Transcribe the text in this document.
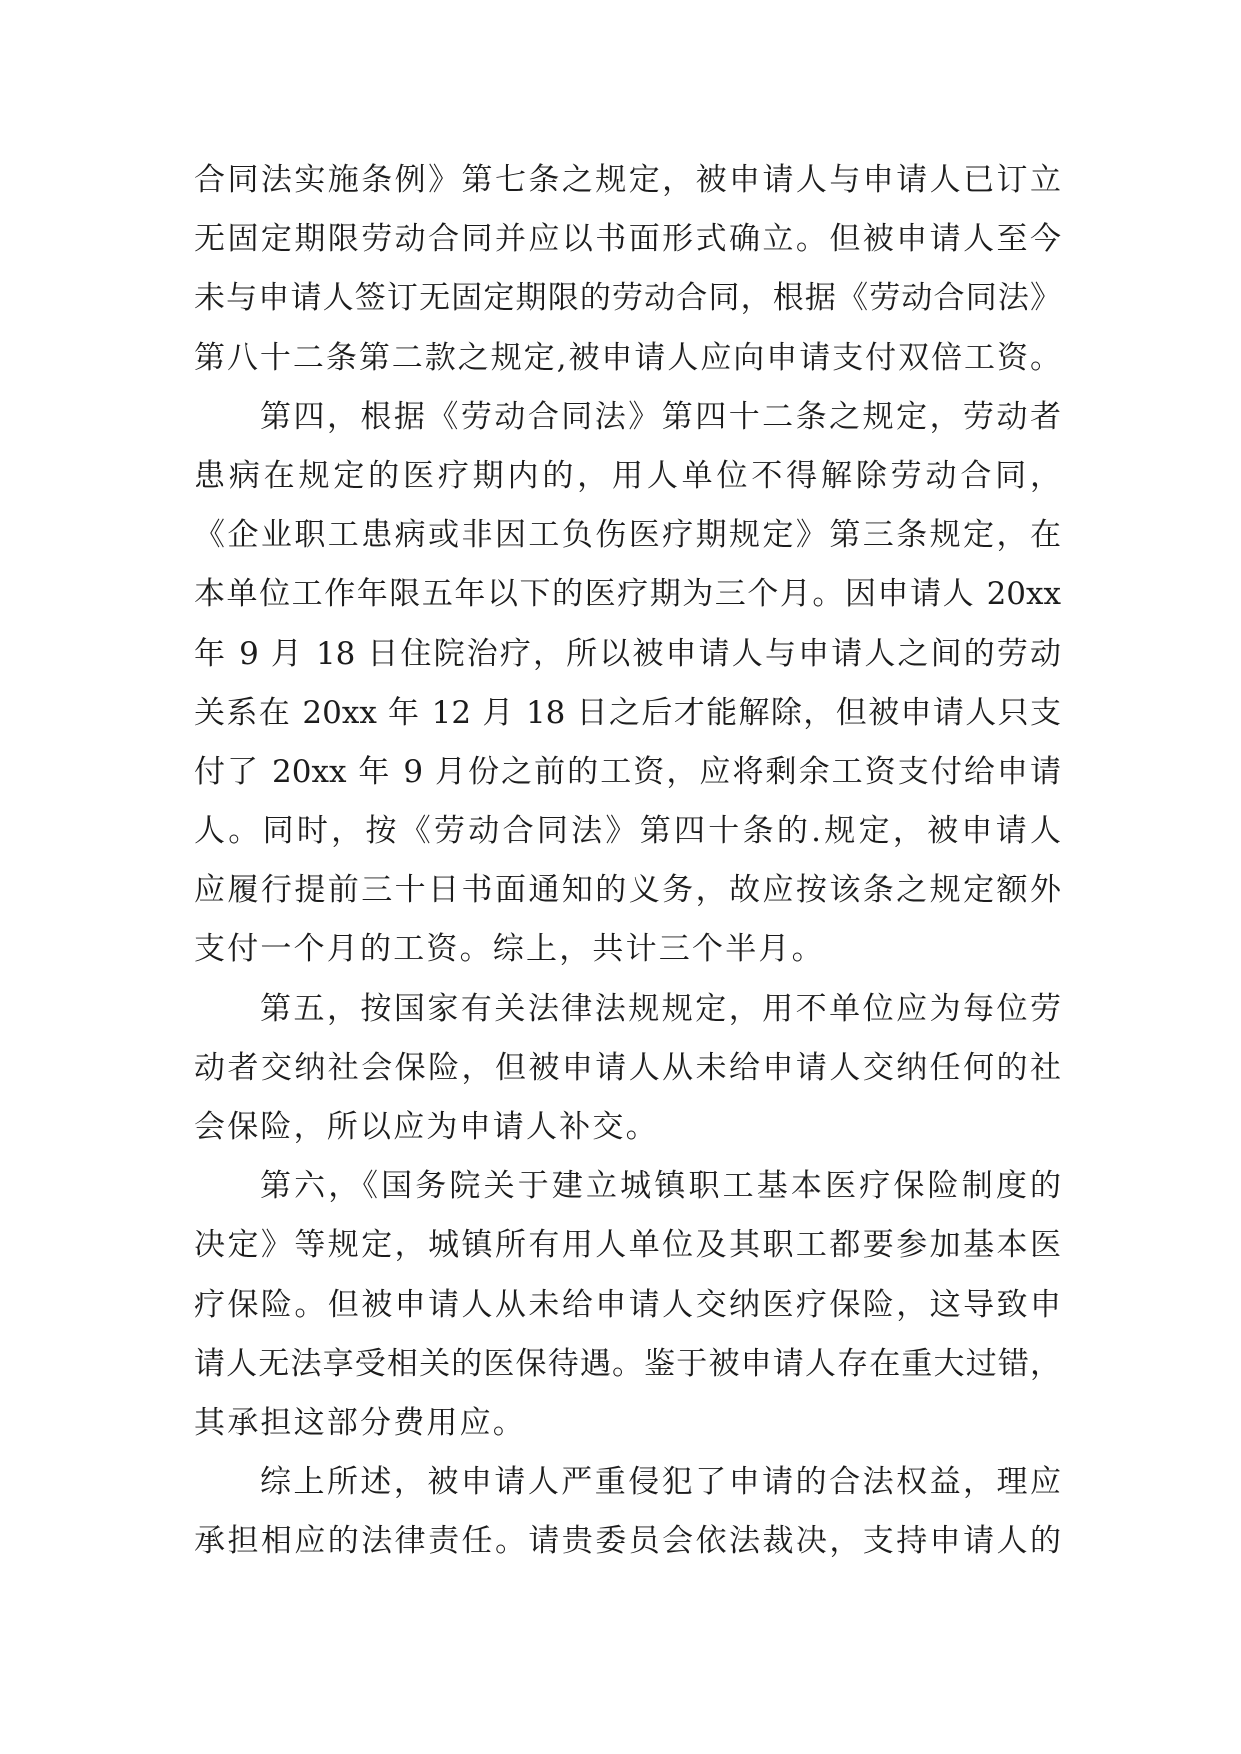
合同法实施条例》第七条之规定，被申请人与申请人已订立
无固定期限劳动合同并应以书面形式确立。但被申请人至今
未与申请人签订无固定期限的劳动合同，根据《劳动合同法》
第八十二条第二款之规定,被申请人应向申请支付双倍工资。
第四，根据《劳动合同法》第四十二条之规定，劳动者
患病在规定的医疗期内的，用人单位不得解除劳动合同，
《企业职工患病或非因工负伤医疗期规定》第三条规定，在
本单位工作年限五年以下的医疗期为三个月。因申请人 20xx
年 9 月 18 日住院治疗，所以被申请人与申请人之间的劳动
关系在 20xx 年 12 月 18 日之后才能解除，但被申请人只支
付了 20xx 年 9 月份之前的工资，应将剩余工资支付给申请
人。同时，按《劳动合同法》第四十条的.规定，被申请人
应履行提前三十日书面通知的义务，故应按该条之规定额外
支付一个月的工资。综上，共计三个半月。
第五，按国家有关法律法规规定，用不单位应为每位劳
动者交纳社会保险，但被申请人从未给申请人交纳任何的社
会保险，所以应为申请人补交。
第六，《国务院关于建立城镇职工基本医疗保险制度的
决定》等规定，城镇所有用人单位及其职工都要参加基本医
疗保险。但被申请人从未给申请人交纳医疗保险，这导致申
请人无法享受相关的医保待遇。鉴于被申请人存在重大过错，
其承担这部分费用应。
综上所述，被申请人严重侵犯了申请的合法权益，理应
承担相应的法律责任。请贵委员会依法裁决，支持申请人的
